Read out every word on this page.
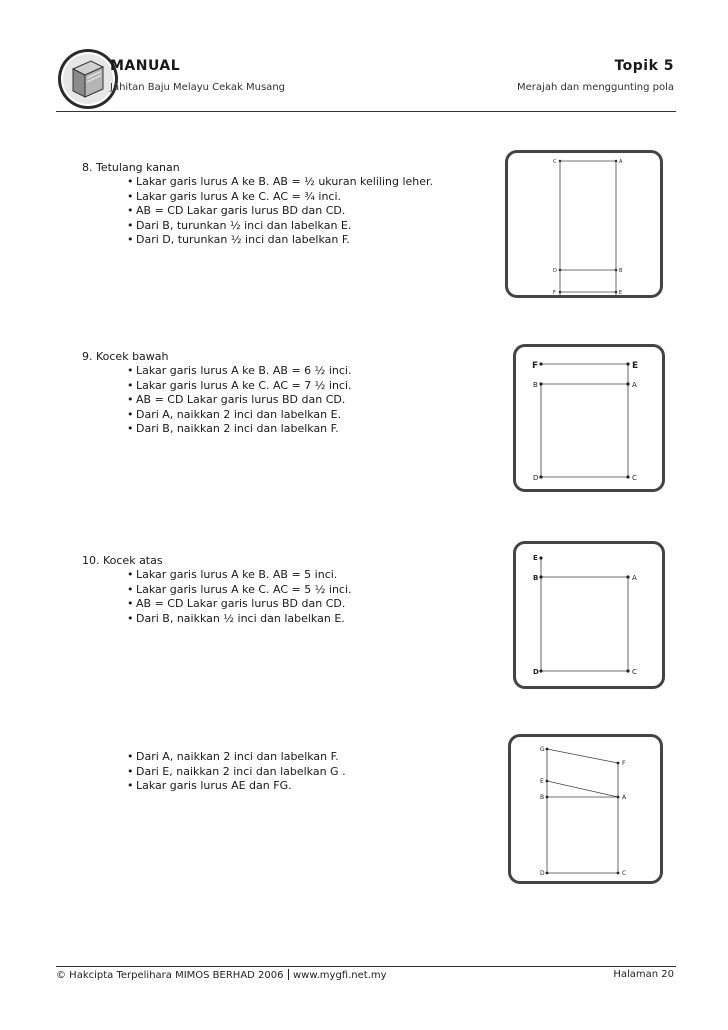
MANUAL
Jahitan Baju Melayu Cekak Musang
Topik 5
Merajah dan menggunting pola
8. Tetulang kanan
• Lakar garis lurus A ke B. AB = ½ ukuran keliling leher.
• Lakar garis lurus A ke C. AC = ¾ inci.
• AB = CD Lakar garis lurus BD dan CD.
• Dari B, turunkan ½ inci dan labelkan E.
• Dari D, turunkan ½ inci dan labelkan F.
C	A
D	B
F	E
9. Kocek bawah
• Lakar garis lurus A ke B. AB = 6 ½ inci.
• Lakar garis lurus A ke C. AC = 7 ½ inci.
• AB = CD Lakar garis lurus BD dan CD.
• Dari A, naikkan 2 inci dan labelkan E.
• Dari B, naikkan 2 inci dan labelkan F.
F	E
B	A
D	C
10. Kocek atas
• Lakar garis lurus A ke B. AB = 5 inci.
• Lakar garis lurus A ke C. AC = 5 ½ inci.
• AB = CD Lakar garis lurus BD dan CD.
• Dari B, naikkan ½ inci dan labelkan E.
E
B	A
D	C
• Dari A, naikkan 2 inci dan labelkan F.
• Dari E, naikkan 2 inci dan labelkan G .
• Lakar garis lurus AE dan FG.
G
F
E
B	A
D	C
© Hakcipta Terpelihara MIMOS BERHAD 2006 www.mygfi.net.my	Halaman 20
